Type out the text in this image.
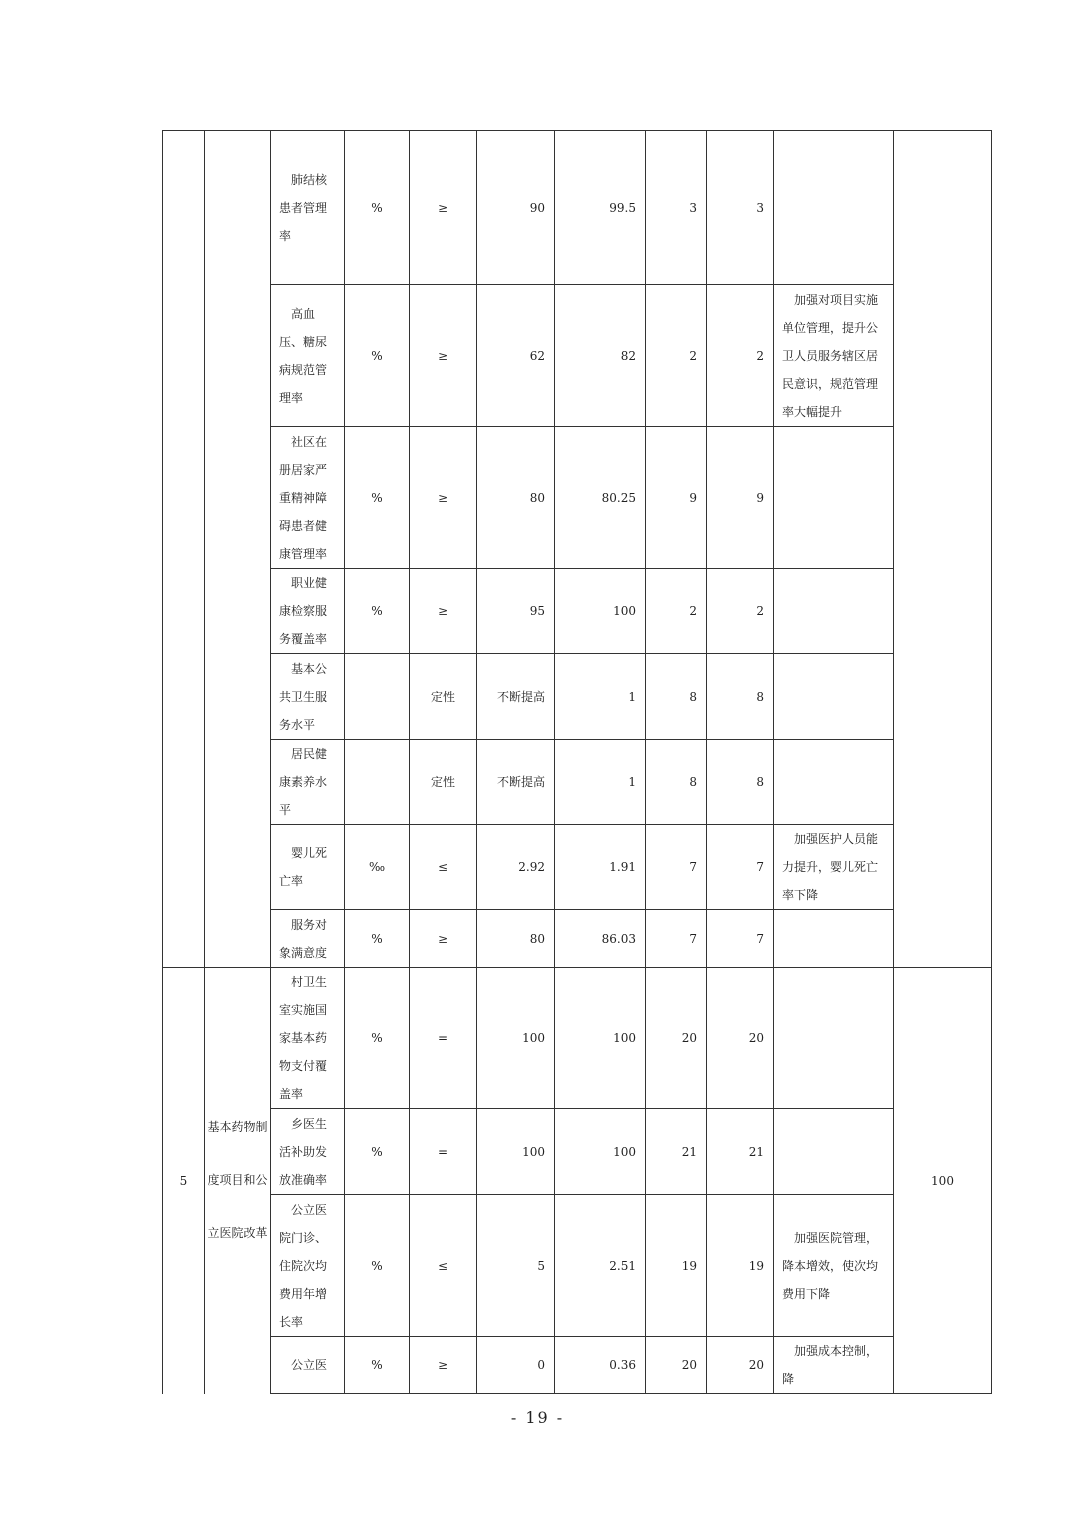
		肺结核患者管理率	%	≥	90	99.5	3	3		

		高血压、糖尿病规范管理率	%	≥	62	82	2	2	加强对项目实施单位管理，提升公卫人员服务辖区居民意识，规范管理率大幅提升	

		社区在册居家严重精神障碍患者健康管理率	%	≥	80	80.25	9	9		

		职业健康检察服务覆盖率	%	≥	95	100	2	2		

		基本公共卫生服务水平		定性	不断提高	1	8	8		

		居民健康素养水平		定性	不断提高	1	8	8		

		婴儿死亡率	‰	≤	2.92	1.91	7	7	加强医护人员能力提升，婴儿死亡率下降	

		服务对象满意度	%	≥	80	86.03	7	7		
5	基本药物制度项目和公立医院改革	村卫生室实施国家基本药物支付覆盖率	%	=	100	100	20	20		100

		乡医生活补助发放准确率	%	=	100	100	21	21		

		公立医院门诊、住院次均费用年增长率	%	≤	5	2.51	19	19	加强医院管理，降本增效，使次均费用下降	

		公立医	%	≥	0	0.36	20	20	加强成本控制，降	
- 19 -
